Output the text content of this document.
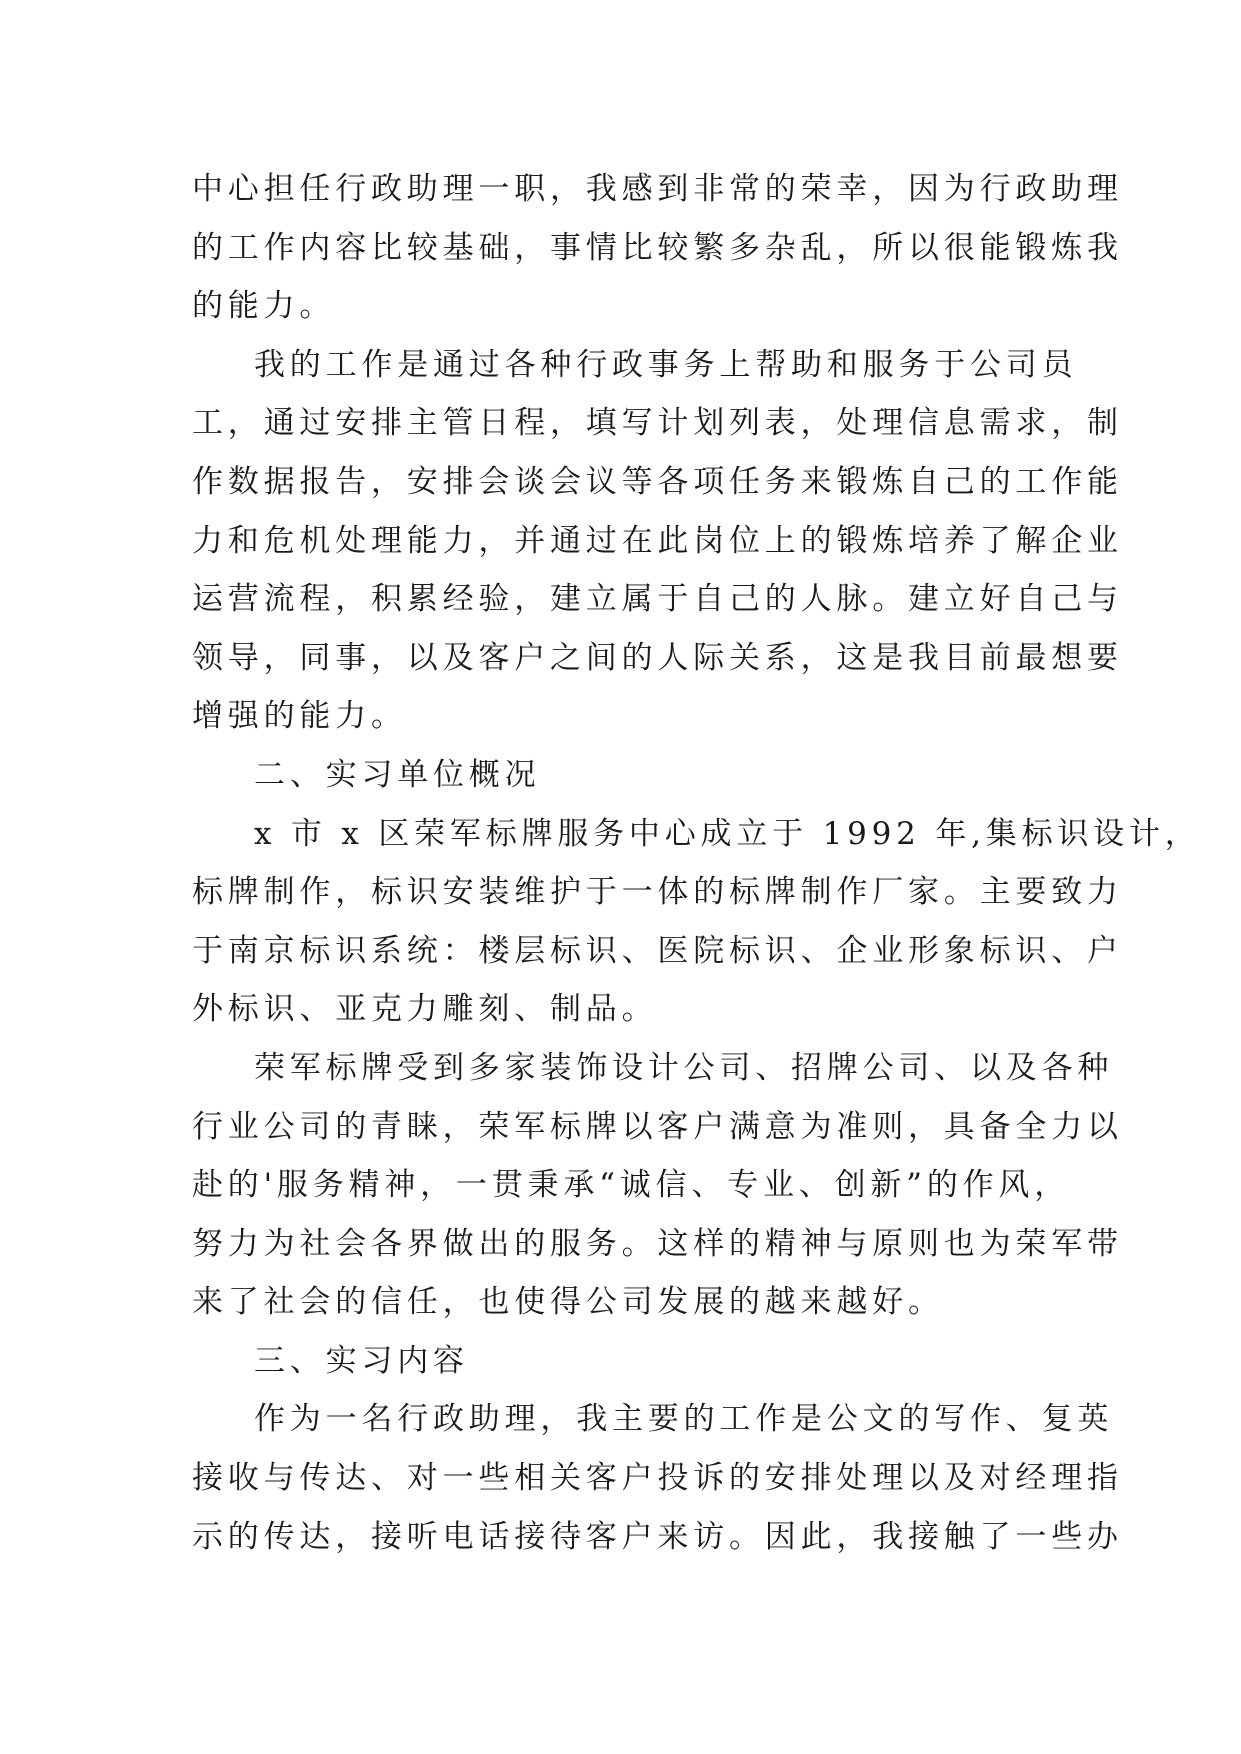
中心担任行政助理一职，我感到非常的荣幸，因为行政助理
的工作内容比较基础，事情比较繁多杂乱，所以很能锻炼我
的能力。
我的工作是通过各种行政事务上帮助和服务于公司员
工，通过安排主管日程，填写计划列表，处理信息需求，制
作数据报告，安排会谈会议等各项任务来锻炼自己的工作能
力和危机处理能力，并通过在此岗位上的锻炼培养了解企业
运营流程，积累经验，建立属于自己的人脉。建立好自己与
领导，同事，以及客户之间的人际关系，这是我目前最想要
增强的能力。
二、实习单位概况
x 市 x 区荣军标牌服务中心成立于 1992 年,集标识设计，
标牌制作，标识安装维护于一体的标牌制作厂家。主要致力
于南京标识系统：楼层标识、医院标识、企业形象标识、户
外标识、亚克力雕刻、制品。
荣军标牌受到多家装饰设计公司、招牌公司、以及各种
行业公司的青睐，荣军标牌以客户满意为准则，具备全力以
赴的'服务精神，一贯秉承“诚信、专业、创新”的作风，
努力为社会各界做出的服务。这样的精神与原则也为荣军带
来了社会的信任，也使得公司发展的越来越好。
三、实习内容
作为一名行政助理，我主要的工作是公文的写作、复英
接收与传达、对一些相关客户投诉的安排处理以及对经理指
示的传达，接听电话接待客户来访。因此，我接触了一些办
